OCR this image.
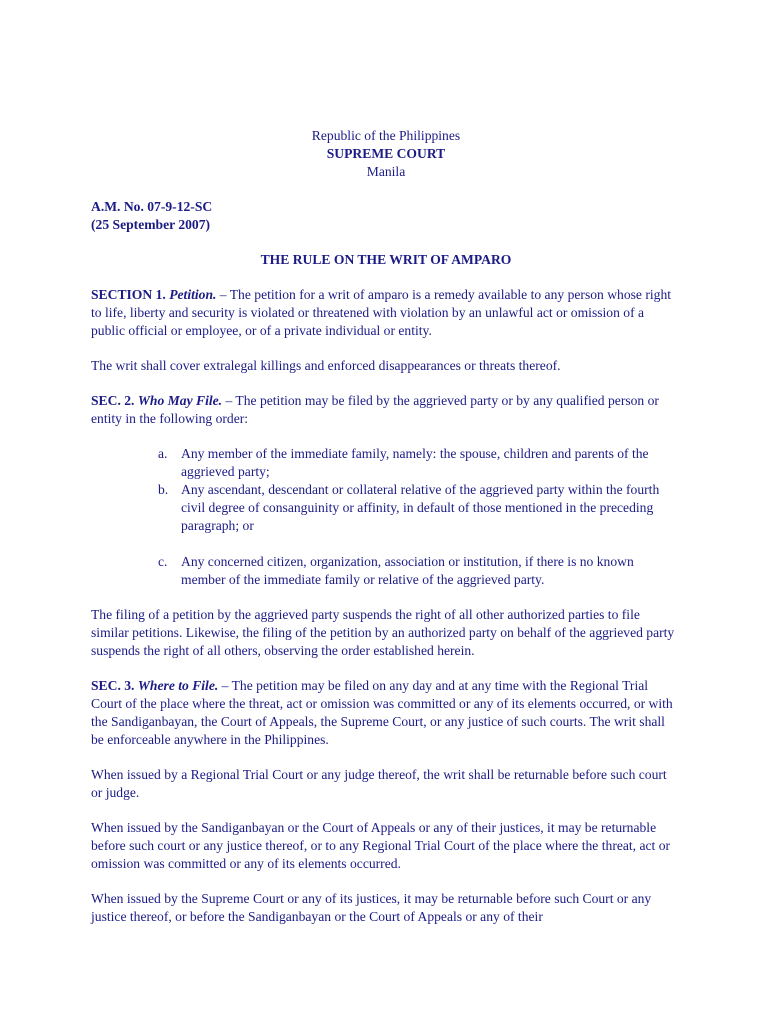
Republic of the Philippines
SUPREME COURT
Manila
A.M. No. 07-9-12-SC
(25 September 2007)

THE RULE ON THE WRIT OF AMPARO

SECTION 1. Petition. – The petition for a writ of amparo is a remedy available to any person whose right to life, liberty and security is violated or threatened with violation by an unlawful act or omission of a public official or employee, or of a private individual or entity.

The writ shall cover extralegal killings and enforced disappearances or threats thereof.

SEC. 2. Who May File. – The petition may be filed by the aggrieved party or by any qualified person or entity in the following order:

a. Any member of the immediate family, namely: the spouse, children and parents of the aggrieved party;
b. Any ascendant, descendant or collateral relative of the aggrieved party within the fourth civil degree of consanguinity or affinity, in default of those mentioned in the preceding paragraph; or
c. Any concerned citizen, organization, association or institution, if there is no known member of the immediate family or relative of the aggrieved party.

The filing of a petition by the aggrieved party suspends the right of all other authorized parties to file similar petitions. Likewise, the filing of the petition by an authorized party on behalf of the aggrieved party suspends the right of all others, observing the order established herein.

SEC. 3. Where to File. – The petition may be filed on any day and at any time with the Regional Trial Court of the place where the threat, act or omission was committed or any of its elements occurred, or with the Sandiganbayan, the Court of Appeals, the Supreme Court, or any justice of such courts. The writ shall be enforceable anywhere in the Philippines.

When issued by a Regional Trial Court or any judge thereof, the writ shall be returnable before such court or judge.

When issued by the Sandiganbayan or the Court of Appeals or any of their justices, it may be returnable before such court or any justice thereof, or to any Regional Trial Court of the place where the threat, act or omission was committed or any of its elements occurred.

When issued by the Supreme Court or any of its justices, it may be returnable before such Court or any justice thereof, or before the Sandiganbayan or the Court of Appeals or any of their
